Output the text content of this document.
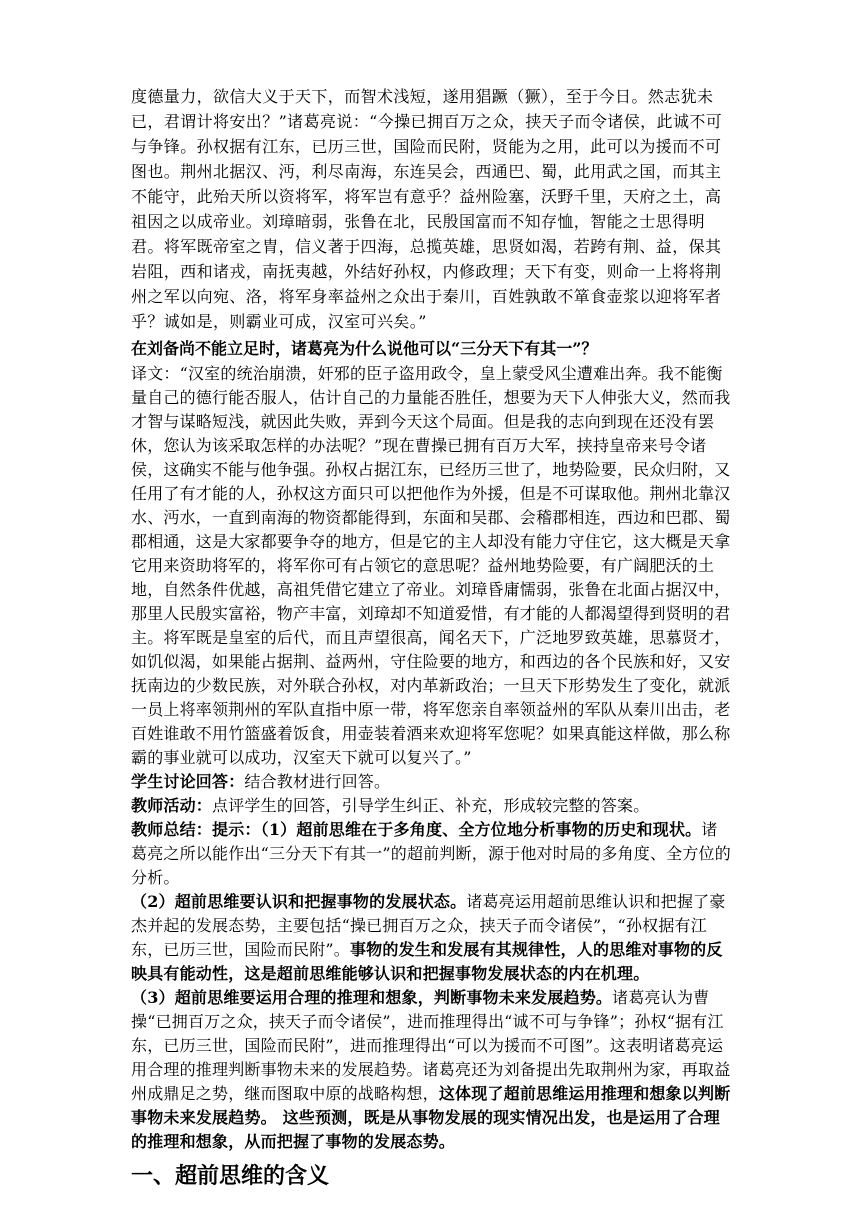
度德量力，欲信大义于天下，而智术浅短，遂用猖蹶（獗），至于今日。然志犹未已，君谓计将安出？”诸葛亮说：“今操已拥百万之众，挟天子而令诸侯，此诚不可与争锋。孙权据有江东，已历三世，国险而民附，贤能为之用，此可以为援而不可图也。荆州北据汉、沔，利尽南海，东连吴会，西通巴、蜀，此用武之国，而其主不能守，此殆天所以资将军，将军岂有意乎？益州险塞，沃野千里，天府之土，高祖因之以成帝业。刘璋暗弱，张鲁在北，民殷国富而不知存恤，智能之士思得明君。将军既帝室之胄，信义著于四海，总揽英雄，思贤如渴，若跨有荆、益，保其岩阻，西和诸戎，南抚夷越，外结好孙权，内修政理；天下有变，则命一上将将荆州之军以向宛、洛，将军身率益州之众出于秦川，百姓孰敢不箪食壶浆以迎将军者乎？诚如是，则霸业可成，汉室可兴矣。”

在刘备尚不能立足时，诸葛亮为什么说他可以“三分天下有其一”？

译文：“汉室的统治崩溃，奸邪的臣子盗用政令，皇上蒙受风尘遭难出奔。我不能衡量自己的德行能否服人，估计自己的力量能否胜任，想要为天下人伸张大义，然而我才智与谋略短浅，就因此失败，弄到今天这个局面。但是我的志向到现在还没有罢休，您认为该采取怎样的办法呢？”现在曹操已拥有百万大军，挟持皇帝来号令诸侯，这确实不能与他争强。孙权占据江东，已经历三世了，地势险要，民众归附，又任用了有才能的人，孙权这方面只可以把他作为外援，但是不可谋取他。荆州北靠汉水、沔水，一直到南海的物资都能得到，东面和吴郡、会稽郡相连，西边和巴郡、蜀郡相通，这是大家都要争夺的地方，但是它的主人却没有能力守住它，这大概是天拿它用来资助将军的，将军你可有占领它的意思呢？益州地势险要，有广阔肥沃的土地，自然条件优越，高祖凭借它建立了帝业。刘璋昏庸懦弱，张鲁在北面占据汉中，那里人民殷实富裕，物产丰富，刘璋却不知道爱惜，有才能的人都渴望得到贤明的君主。将军既是皇室的后代，而且声望很高，闻名天下，广泛地罗致英雄，思慕贤才，如饥似渴，如果能占据荆、益两州，守住险要的地方，和西边的各个民族和好，又安抚南边的少数民族，对外联合孙权，对内革新政治；一旦天下形势发生了变化，就派一员上将率领荆州的军队直指中原一带，将军您亲自率领益州的军队从秦川出击，老百姓谁敢不用竹篮盛着饭食，用壶装着酒来欢迎将军您呢？如果真能这样做，那么称霸的事业就可以成功，汉室天下就可以复兴了。”

学生讨论回答：结合教材进行回答。

教师活动：点评学生的回答，引导学生纠正、补充，形成较完整的答案。

教师总结：提示：（1）超前思维在于多角度、全方位地分析事物的历史和现状。诸葛亮之所以能作出“三分天下有其一”的超前判断，源于他对时局的多角度、全方位的分析。

（2）超前思维要认识和把握事物的发展状态。诸葛亮运用超前思维认识和把握了豪杰并起的发展态势，主要包括“操已拥百万之众，挟天子而令诸侯”，“孙权据有江东，已历三世，国险而民附”。事物的发生和发展有其规律性，人的思维对事物的反映具有能动性，这是超前思维能够认识和把握事物发展状态的内在机理。

（3）超前思维要运用合理的推理和想象，判断事物未来发展趋势。诸葛亮认为曹操“已拥百万之众，挟天子而令诸侯”，进而推理得出“诚不可与争锋”；孙权“据有江东，已历三世，国险而民附”，进而推理得出“可以为援而不可图”。这表明诸葛亮运用合理的推理判断事物未来的发展趋势。诸葛亮还为刘备提出先取荆州为家，再取益州成鼎足之势，继而图取中原的战略构想，这体现了超前思维运用推理和想象以判断事物未来发展趋势。 这些预测，既是从事物发展的现实情况出发，也是运用了合理的推理和想象，从而把握了事物的发展态势。

一、超前思维的含义
